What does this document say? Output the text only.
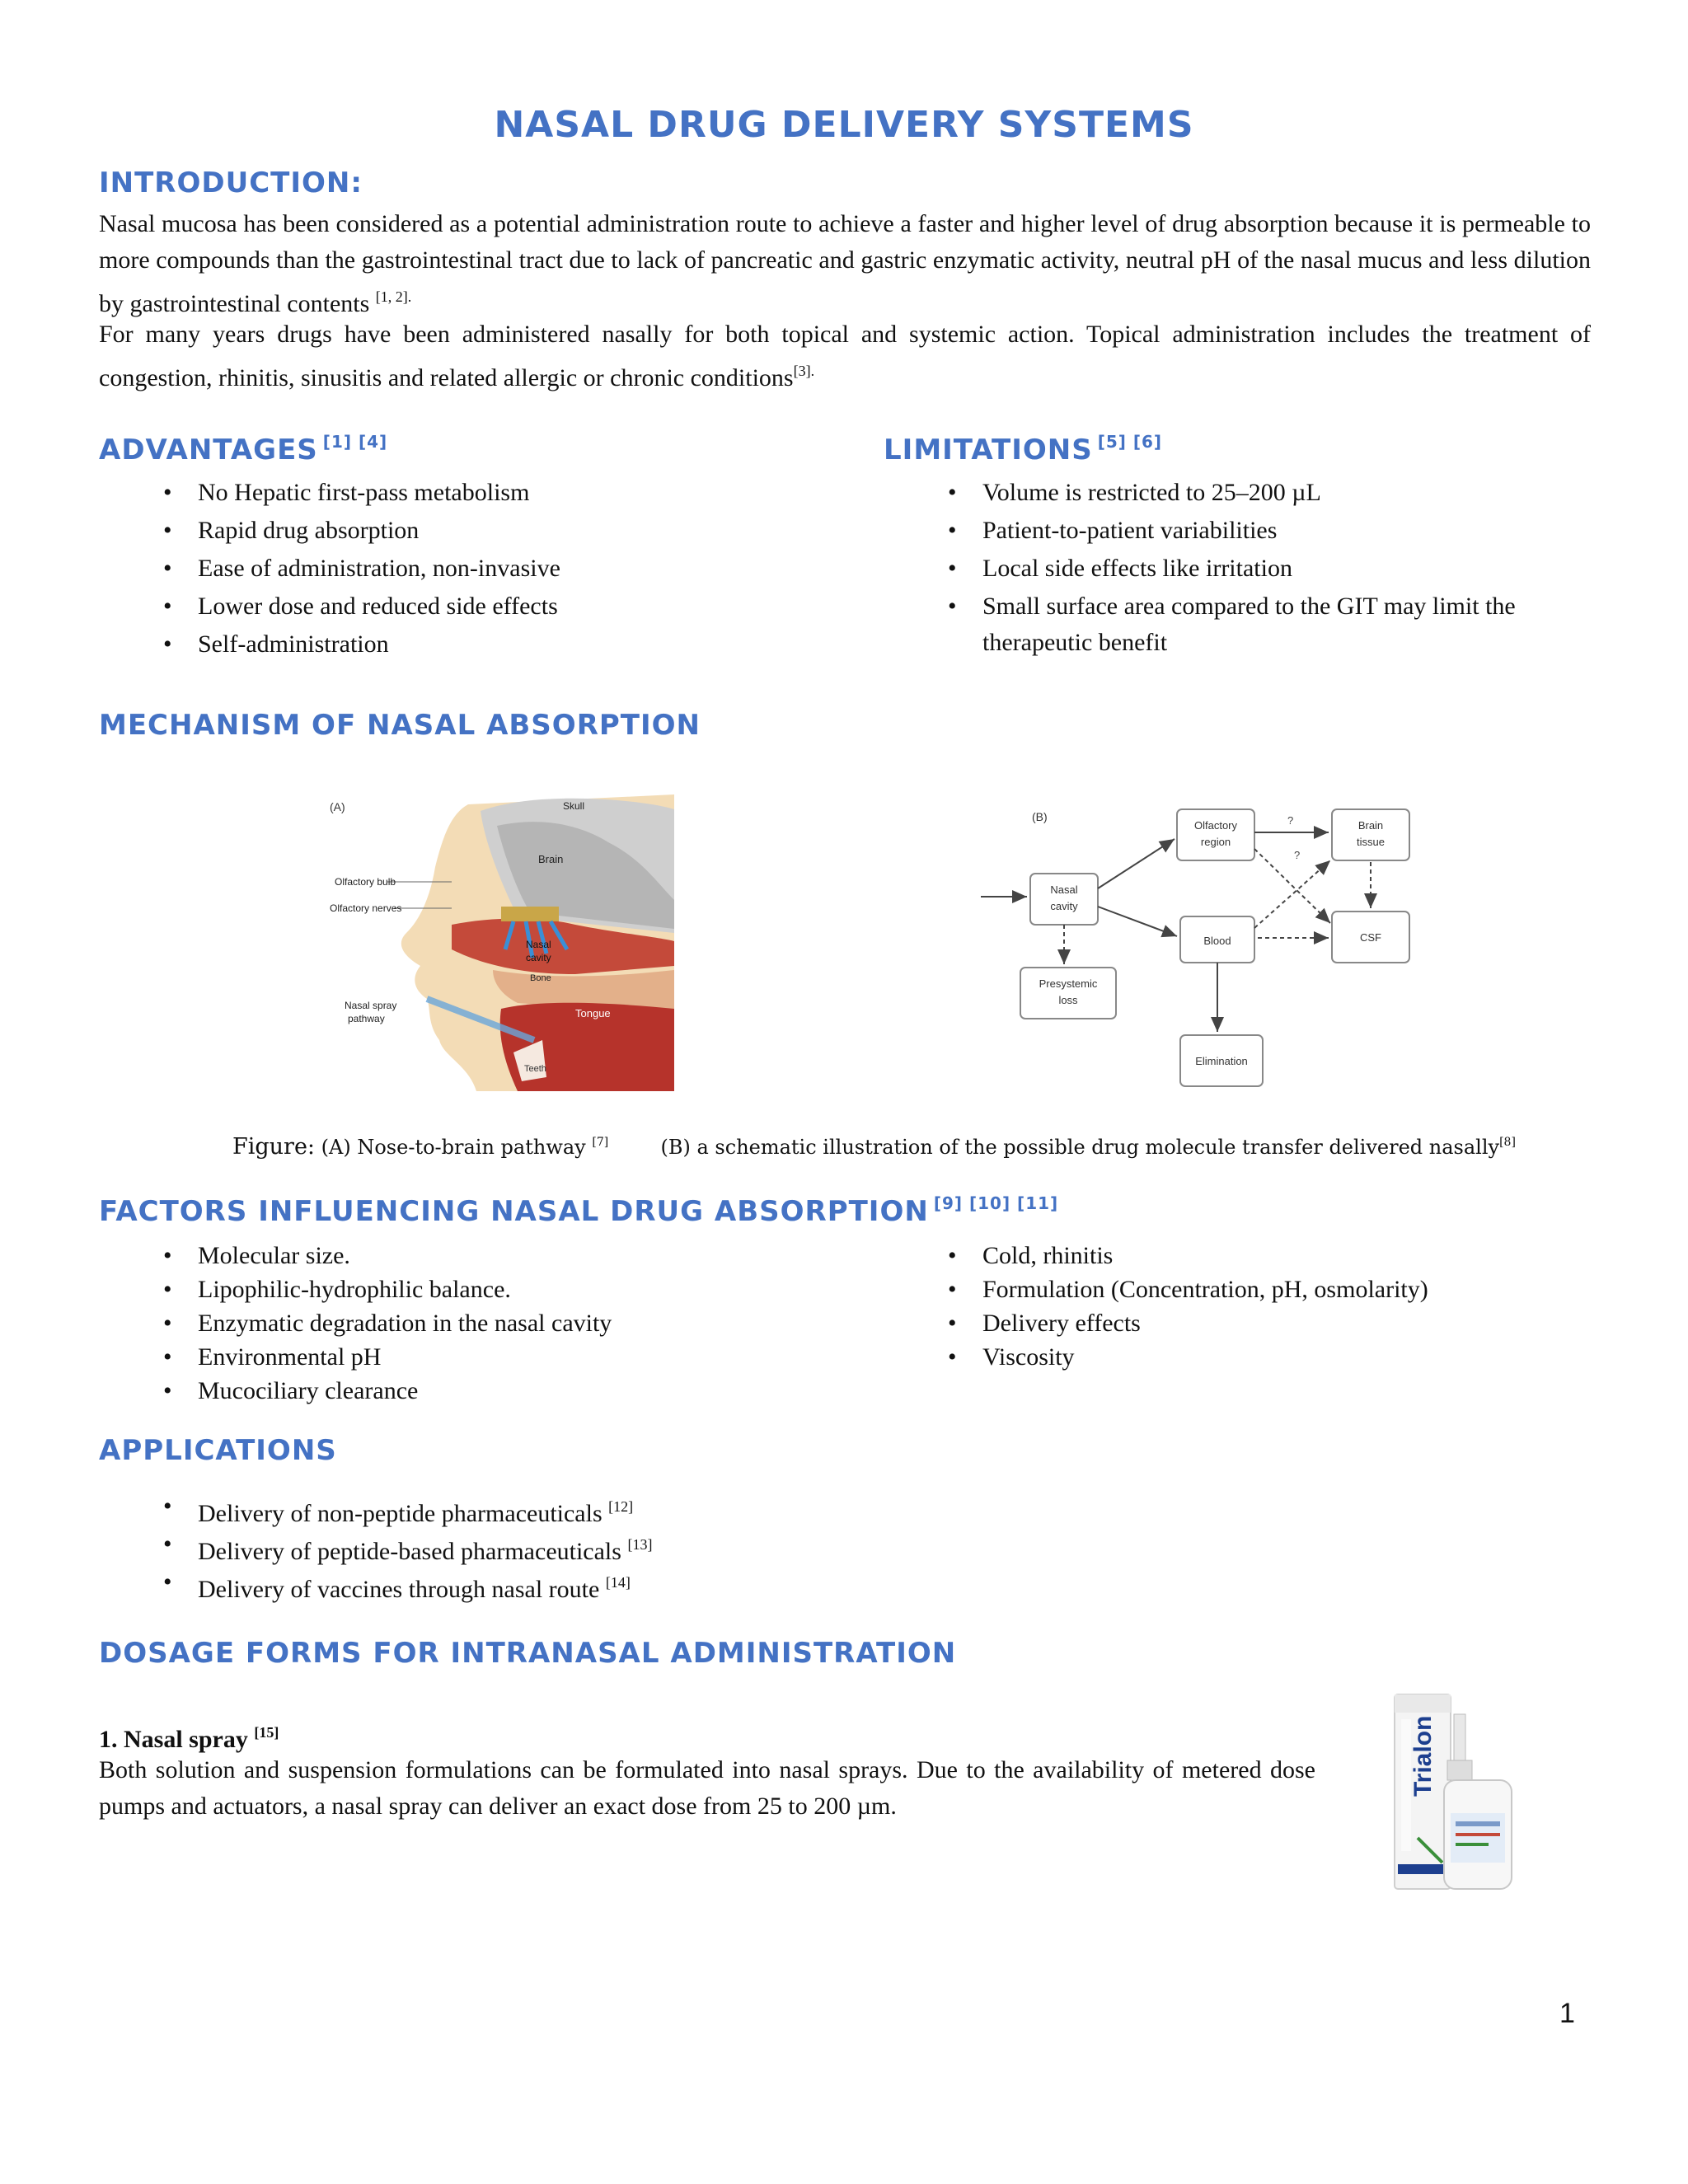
NASAL DRUG DELIVERY SYSTEMS
INTRODUCTION:
Nasal mucosa has been considered as a potential administration route to achieve a faster and higher level of drug absorption because it is permeable to more compounds than the gastrointestinal tract due to lack of pancreatic and gastric enzymatic activity, neutral pH of the nasal mucus and less dilution by gastrointestinal contents $^{[1, 2].}$
For many years drugs have been administered nasally for both topical and systemic action. Topical administration includes the treatment of congestion, rhinitis, sinusitis and related allergic or chronic conditions$^{[3].}$
ADVANTAGES [1] [4]
• No Hepatic first-pass metabolism
• Rapid drug absorption
• Ease of administration, non-invasive
• Lower dose and reduced side effects
• Self-administration
LIMITATIONS [5] [6]
• Volume is restricted to 25–200 µL
• Patient-to-patient variabilities
• Local side effects like irritation
• Small surface area compared to the GIT may limit the therapeutic benefit
MECHANISM OF NASAL ABSORPTION
(A)	Skull
Brain
Olfactory bulb
Olfactory nerves
Nasal
cavity
Bone
Nasal spray
pathway	Tongue
Teeth
(B)
Olfactory
region
Brain
tissue
Nasal
cavity
Blood	CSF
Presystemic
loss
Elimination
?
?
Figure: (A) Nose-to-brain pathway [7]	(B) a schematic illustration of the possible drug molecule transfer delivered nasally[8]
FACTORS INFLUENCING NASAL DRUG ABSORPTION [9] [10] [11]
• Molecular size.
• Lipophilic-hydrophilic balance.
• Enzymatic degradation in the nasal cavity
• Environmental pH
• Mucociliary clearance
• Cold, rhinitis
• Formulation (Concentration, pH, osmolarity)
• Delivery effects
• Viscosity
APPLICATIONS
• Delivery of non-peptide pharmaceuticals [12]
• Delivery of peptide-based pharmaceuticals [13]
• Delivery of vaccines through nasal route [14]
DOSAGE FORMS FOR INTRANASAL ADMINISTRATION
1. Nasal spray [15]
Both solution and suspension formulations can be formulated into nasal sprays. Due to the availability of metered dose pumps and actuators, a nasal spray can deliver an exact dose from 25 to 200 µm.
Trialon
1
